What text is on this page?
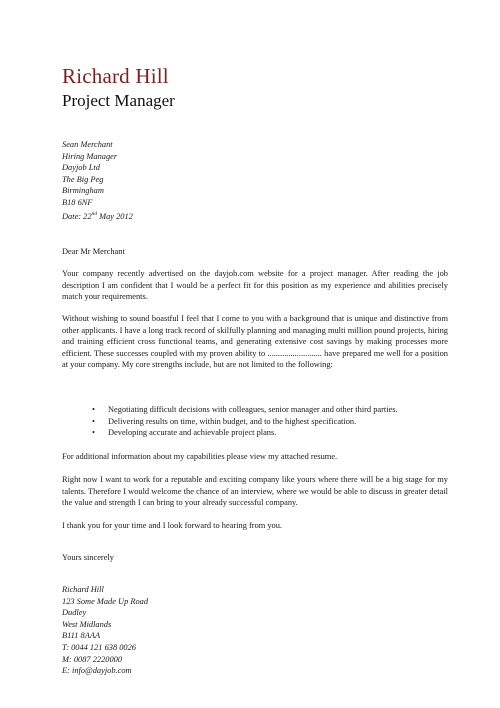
Richard Hill
Project Manager
Sean Merchant
Hiring Manager
Dayjob Ltd
The Big Peg
Birmingham
B18 6NF
Date: 22nd May 2012
Dear Mr Merchant

Your company recently advertised on the dayjob.com website for a project manager. After reading the job description I am confident that I would be a perfect fit for this position as my experience and abilities precisely match your requirements.

Without wishing to sound boastful I feel that I come to you with a background that is unique and distinctive from other applicants. I have a long track record of skilfully planning and managing multi million pound projects, hiring and training efficient cross functional teams, and generating extensive cost savings by making processes more efficient. These successes coupled with my proven ability to .......................... have prepared me well for a position at your company. My core strengths include, but are not limited to the following:

• Negotiating difficult decisions with colleagues, senior manager and other third parties.
• Delivering results on time, within budget, and to the highest specification.
• Developing accurate and achievable project plans.

For additional information about my capabilities please view my attached resume.

Right now I want to work for a reputable and exciting company like yours where there will be a big stage for my talents. Therefore I would welcome the chance of an interview, where we would be able to discuss in greater detail the value and strength I can bring to your already successful company.

I thank you for your time and I look forward to hearing from you.

Yours sincerely
Richard Hill
123 Some Made Up Road
Dudley
West Midlands
B111 8AAA
T: 0044 121 638 0026
M: 0087 2220000
E: info@dayjob.com
